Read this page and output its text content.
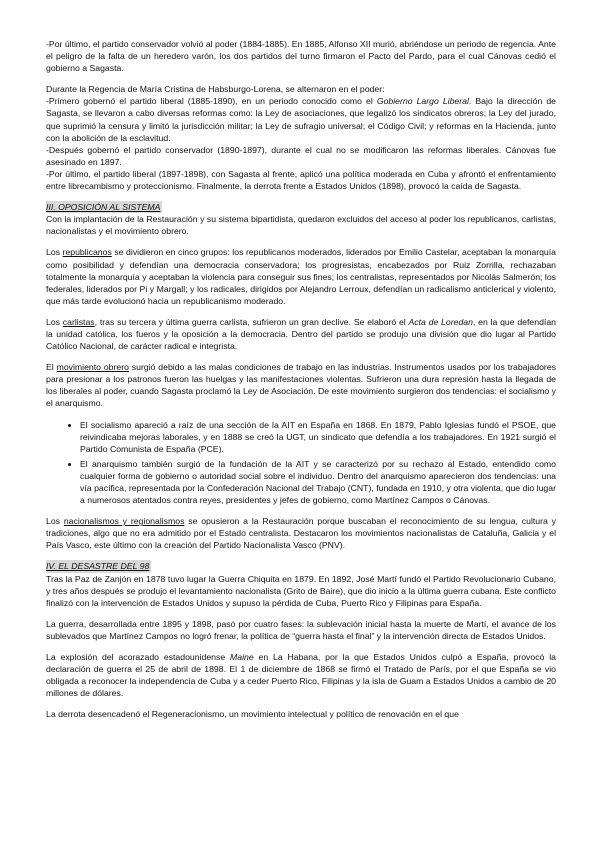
-Por último, el partido conservador volvió al poder (1884-1885). En 1885, Alfonso XII murió, abriéndose un periodo de regencia. Ante el peligro de la falta de un heredero varón, los dos partidos del turno firmaron el Pacto del Pardo, para el cual Cánovas cedió el gobierno a Sagasta.

Durante la Regencia de María Cristina de Habsburgo-Lorena, se alternaron en el poder:

-Primero gobernó el partido liberal (1885-1890), en un periodo conocido como el Gobierno Largo Liberal. Bajo la dirección de Sagasta, se llevaron a cabo diversas reformas como: la Ley de asociaciones, que legalizó los sindicatos obreros; la Ley del jurado, que suprimió la censura y limitó la jurisdicción militar; la Ley de sufragio universal; el Código Civil; y reformas en la Hacienda, junto con la abolición de la esclavitud.

-Después gobernó el partido conservador (1890-1897), durante el cual no se modificaron las reformas liberales. Cánovas fue asesinado en 1897.

-Por último, el partido liberal (1897-1898), con Sagasta al frente, aplicó una política moderada en Cuba y afrontó el enfrentamiento entre librecambismo y proteccionismo. Finalmente, la derrota frente a Estados Unidos (1898), provocó la caída de Sagasta.

III. OPOSICIÓN AL SISTEMA

Con la implantación de la Restauración y su sistema bipartidista, quedaron excluidos del acceso al poder los republicanos, carlistas, nacionalistas y el movimiento obrero.

Los republicanos se dividieron en cinco grupos: los republicanos moderados, liderados por Emilio Castelar, aceptaban la monarquía como posibilidad y defendían una democracia conservadora; los progresistas, encabezados por Ruiz Zorrilla, rechazaban totalmente la monarquía y aceptaban la violencia para conseguir sus fines; los centralistas, representados por Nicolás Salmerón; los federales, liderados por Pi y Margall; y los radicales, dirigidos por Alejandro Lerroux, defendían un radicalismo anticlerical y violento, que más tarde evolucionó hacia un republicanismo moderado.

Los carlistas, tras su tercera y última guerra carlista, sufrieron un gran declive. Se elaboró el Acta de Loredan, en la que defendían la unidad católica, los fueros y la oposición a la democracia. Dentro del partido se produjo una división que dio lugar al Partido Católico Nacional, de carácter radical e integrista.

El movimiento obrero surgió debido a las malas condiciones de trabajo en las industrias. Instrumentos usados por los trabajadores para presionar a los patronos fueron las huelgas y las manifestaciones violentas. Sufrieron una dura represión hasta la llegada de los liberales al poder, cuando Sagasta proclamó la Ley de Asociación. De este movimiento surgieron dos tendencias: el socialismo y el anarquismo.

• El socialismo apareció a raíz de una sección de la AIT en España en 1868. En 1879, Pablo Iglesias fundó el PSOE, que reivindicaba mejoras laborales, y en 1888 se creó la UGT, un sindicato que defendía a los trabajadores. En 1921 surgió el Partido Comunista de España (PCE).
• El anarquismo también surgió de la fundación de la AIT y se caracterizó por su rechazo al Estado, entendido como cualquier forma de gobierno o autoridad social sobre el individuo. Dentro del anarquismo aparecieron dos tendencias: una vía pacífica, representada por la Confederación Nacional del Trabajo (CNT), fundada en 1910, y otra violenta, que dio lugar a numerosos atentados contra reyes, presidentes y jefes de gobierno, como Martínez Campos o Cánovas.

Los nacionalismos y regionalismos se opusieron a la Restauración porque buscaban el reconocimiento de su lengua, cultura y tradiciones, algo que no era admitido por el Estado centralista. Destacaron los movimientos nacionalistas de Cataluña, Galicia y el País Vasco, este último con la creación del Partido Nacionalista Vasco (PNV).

IV. EL DESASTRE DEL 98

Tras la Paz de Zanjón en 1878 tuvo lugar la Guerra Chiquita en 1879. En 1892, José Martí fundó el Partido Revolucionario Cubano, y tres años después se produjo el levantamiento nacionalista (Grito de Baire), que dio inicio a la última guerra cubana. Este conflicto finalizó con la intervención de Estados Unidos y supuso la pérdida de Cuba, Puerto Rico y Filipinas para España.

La guerra, desarrollada entre 1895 y 1898, pasó por cuatro fases: la sublevación inicial hasta la muerte de Martí, el avance de los sublevados que Martínez Campos no logró frenar, la política de “guerra hasta el final” y la intervención directa de Estados Unidos.

La explosión del acorazado estadounidense Maine en La Habana, por la que Estados Unidos culpó a España, provocó la declaración de guerra el 25 de abril de 1898. El 1 de diciembre de 1868 se firmó el Tratado de París, por el que España se vio obligada a reconocer la independencia de Cuba y a ceder Puerto Rico, Filipinas y la isla de Guam a Estados Unidos a cambio de 20 millones de dólares.

La derrota desencadenó el Regeneracionismo, un movimiento intelectual y político de renovación en el que
